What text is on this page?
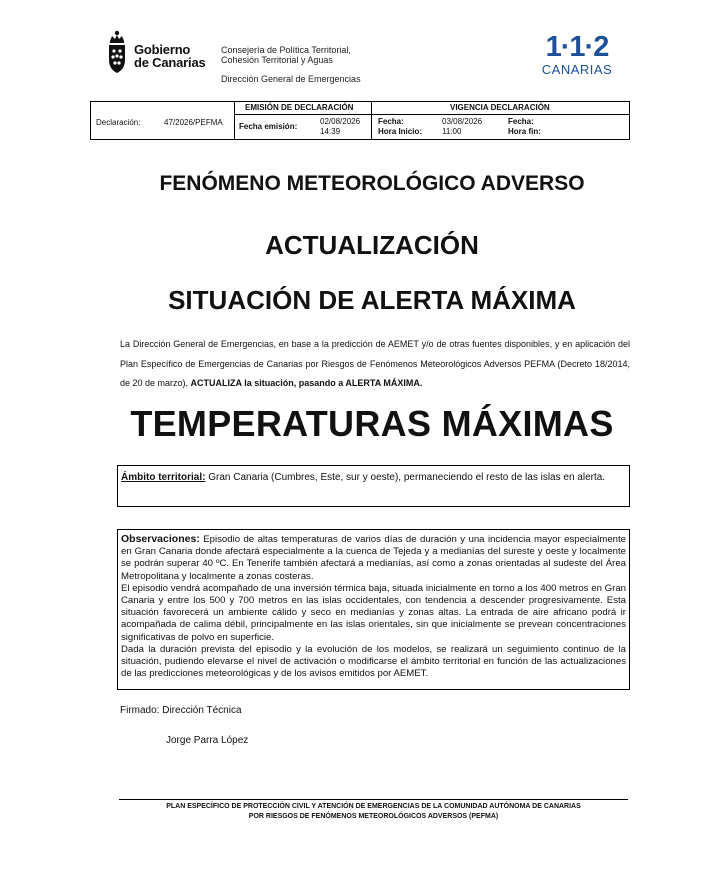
Gobierno
de Canarias
Consejería de Política Territorial,
Cohesión Territorial y Aguas
Dirección General de Emergencias
1·1·2
CANARIAS
Declaración:	47/2026/PEFMA
EMISIÓN DE DECLARACIÓN
Fecha emisión:
02/08/2026
14:39
VIGENCIA DECLARACIÓN
Fecha:	03/08/2026
Hora Inicio: 11:00
Fecha:
Hora fin:
FENÓMENO METEOROLÓGICO ADVERSO
ACTUALIZACIÓN
SITUACIÓN DE ALERTA MÁXIMA
La Dirección General de Emergencias, en base a la predicción de AEMET y/o de otras fuentes disponibles, y en aplicación del Plan Específico de Emergencias de Canarias por Riesgos de Fenómenos Meteorológicos Adversos PEFMA (Decreto 18/2014, de 20 de marzo), ACTUALIZA la situación, pasando a ALERTA MÁXIMA.
TEMPERATURAS MÁXIMAS
Ámbito territorial: Gran Canaria (Cumbres, Este, sur y oeste), permaneciendo el resto de las islas en alerta.

Observaciones: Episodio de altas temperaturas de varios días de duración y una incidencia mayor especialmente en Gran Canaria donde afectará especialmente a la cuenca de Tejeda y a medianías del sureste y oeste y localmente se podrán superar 40 ºC. En Tenerife también afectará a medianías, así como a zonas orientadas al sudeste del Área Metropolitana y localmente a zonas costeras.

El episodio vendrá acompañado de una inversión térmica baja, situada inicialmente en torno a los 400 metros en Gran Canaria y entre los 500 y 700 metros en las islas occidentales, con tendencia a descender progresivamente. Esta situación favorecerá un ambiente cálido y seco en medianías y zonas altas. La entrada de aire africano podrá ir acompañada de calima débil, principalmente en las islas orientales, sin que inicialmente se prevean concentraciones significativas de polvo en superficie.

Dada la duración prevista del episodio y la evolución de los modelos, se realizará un seguimiento continuo de la situación, pudiendo elevarse el nivel de activación o modificarse el ámbito territorial en función de las actualizaciones de las predicciones meteorológicas y de los avisos emitidos por AEMET.

Firmado: Dirección Técnica
Jorge Parra López
PLAN ESPECÍFICO DE PROTECCIÓN CIVIL Y ATENCIÓN DE EMERGENCIAS DE LA COMUNIDAD AUTÓNOMA DE CANARIAS
POR RIESGOS DE FENÓMENOS METEOROLÓGICOS ADVERSOS (PEFMA)
